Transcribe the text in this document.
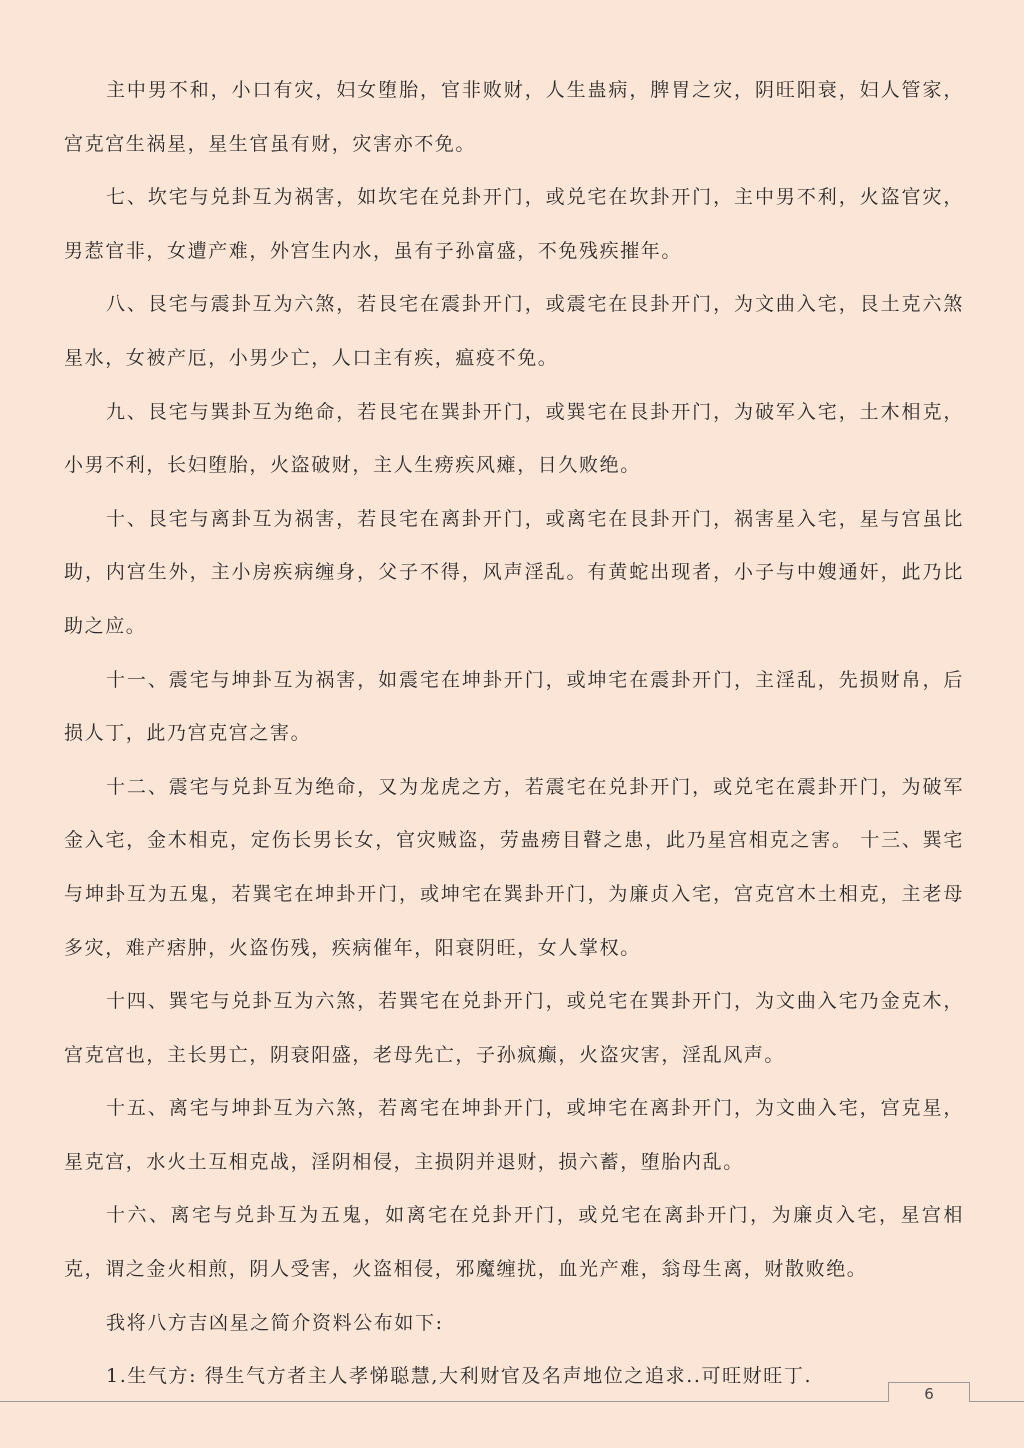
主中男不和，小口有灾，妇女堕胎，官非败财，人生蛊病，脾胃之灾，阴旺阳衰，妇人管家，宫克宫生祸星，星生官虽有财，灾害亦不免。

七、坎宅与兑卦互为祸害，如坎宅在兑卦开门，或兑宅在坎卦开门，主中男不利，火盗官灾，男惹官非，女遭产难，外宫生内水，虽有子孙富盛，不免残疾摧年。

八、艮宅与震卦互为六煞，若艮宅在震卦开门，或震宅在艮卦开门，为文曲入宅，艮土克六煞星水，女被产厄，小男少亡，人口主有疾，瘟疫不免。

九、艮宅与巽卦互为绝命，若艮宅在巽卦开门，或巽宅在艮卦开门，为破军入宅，土木相克，小男不利，长妇堕胎，火盗破财，主人生痨疾风瘫，日久败绝。

十、艮宅与离卦互为祸害，若艮宅在离卦开门，或离宅在艮卦开门，祸害星入宅，星与宫虽比助，内宫生外，主小房疾病缠身，父子不得，风声淫乱。有黄蛇出现者，小子与中嫂通奸，此乃比助之应。

十一、震宅与坤卦互为祸害，如震宅在坤卦开门，或坤宅在震卦开门，主淫乱，先损财帛，后损人丁，此乃宫克宫之害。

十二、震宅与兑卦互为绝命，又为龙虎之方，若震宅在兑卦开门，或兑宅在震卦开门，为破军金入宅，金木相克，定伤长男长女，官灾贼盗，劳蛊痨目瞽之患，此乃星宫相克之害。 十三、巽宅与坤卦互为五鬼，若巽宅在坤卦开门，或坤宅在巽卦开门，为廉贞入宅，宫克宫木土相克，主老母多灾，难产痞肿，火盗伤残，疾病催年，阳衰阴旺，女人掌权。

十四、巽宅与兑卦互为六煞，若巽宅在兑卦开门，或兑宅在巽卦开门，为文曲入宅乃金克木，宫克宫也，主长男亡，阴衰阳盛，老母先亡，子孙疯癫，火盗灾害，淫乱风声。

十五、离宅与坤卦互为六煞，若离宅在坤卦开门，或坤宅在离卦开门，为文曲入宅，宫克星，星克宫，水火土互相克战，淫阴相侵，主损阴并退财，损六蓄，堕胎内乱。

十六、离宅与兑卦互为五鬼，如离宅在兑卦开门，或兑宅在离卦开门，为廉贞入宅，星宫相克，谓之金火相煎，阴人受害，火盗相侵，邪魔缠扰，血光产难，翁母生离，财散败绝。

我将八方吉凶星之简介资料公布如下:

1.生气方: 得生气方者主人孝悌聪慧,大利财官及名声地位之追求..可旺财旺丁.

6
